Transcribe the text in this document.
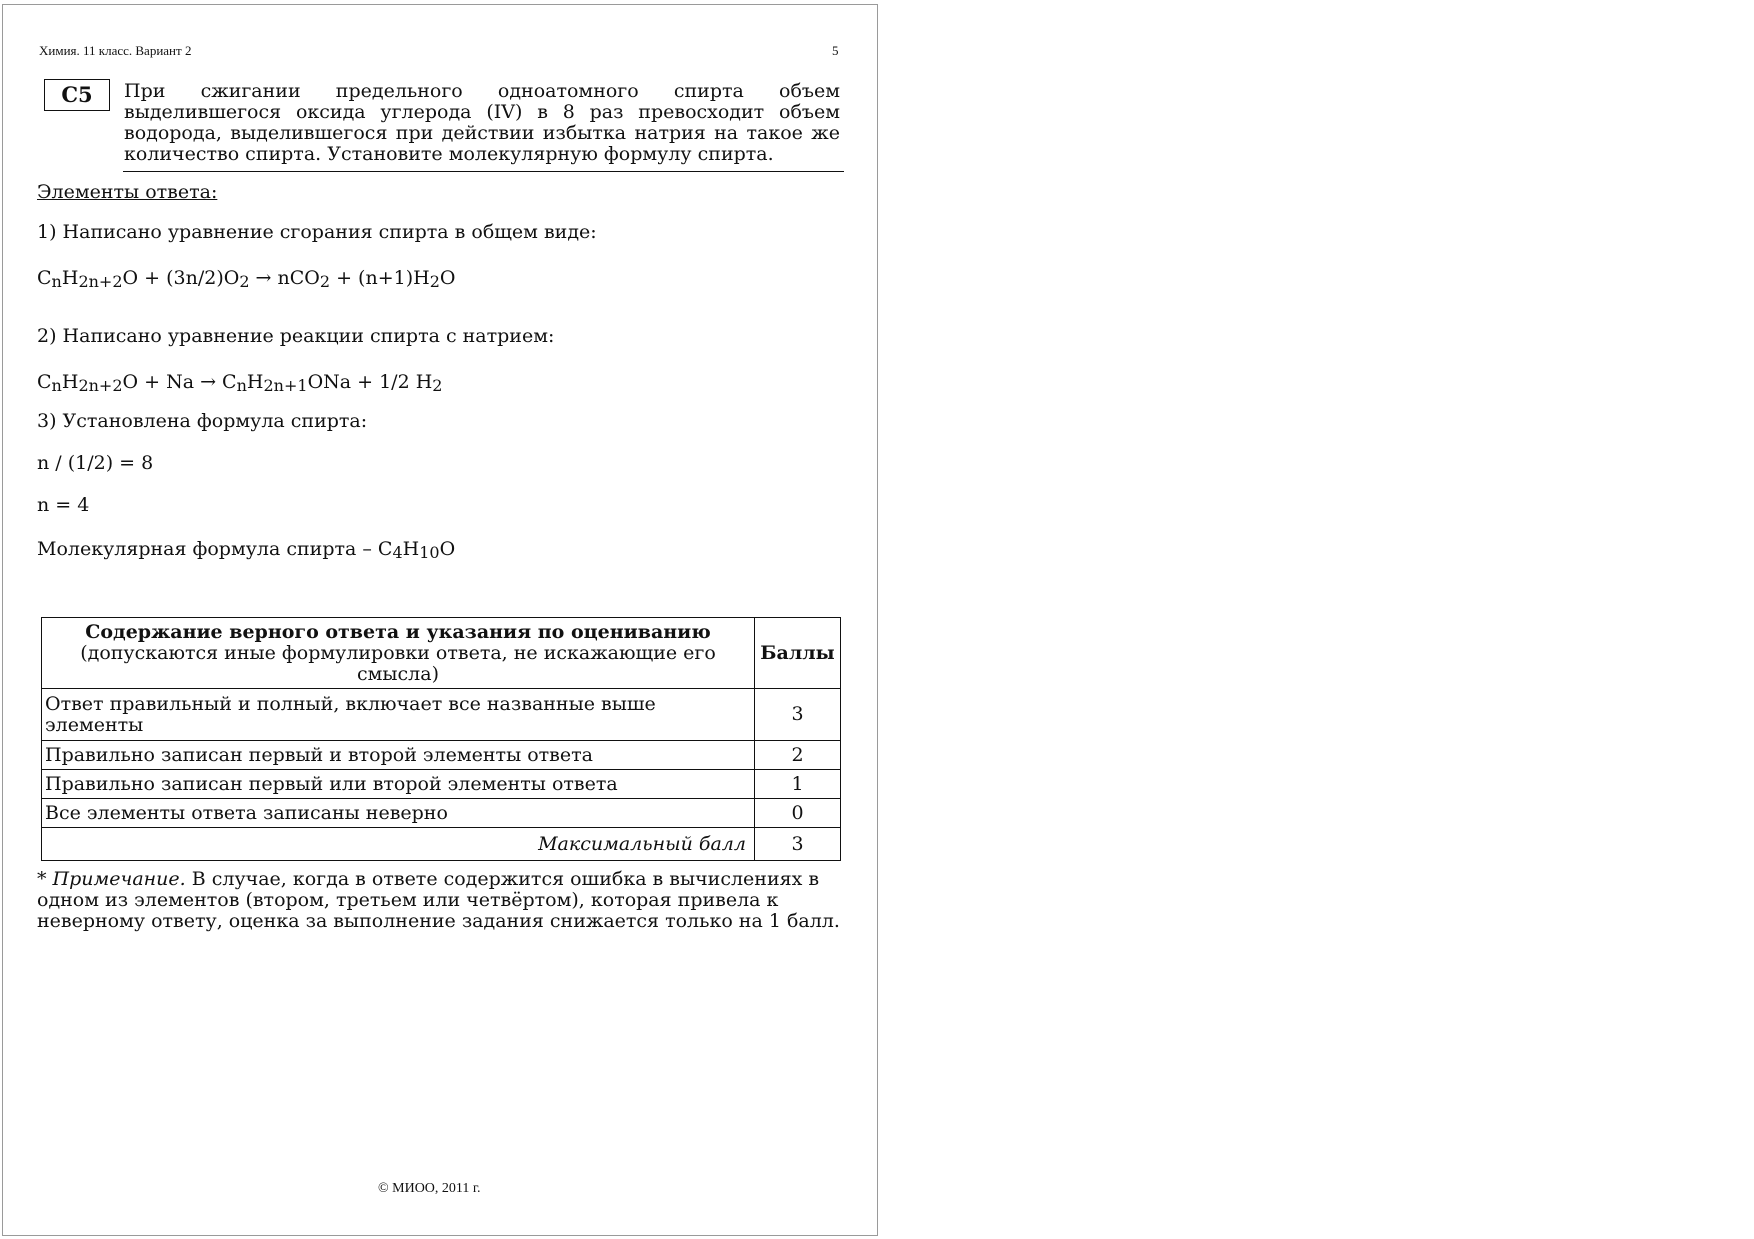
Химия. 11 класс. Вариант 2	5
С5	При сжигании предельного одноатомного спирта объем выделившегося оксида углерода (IV) в 8 раз превосходит объем водорода, выделившегося при действии избытка натрия на такое же количество спирта. Установите молекулярную формулу спирта.
Элементы ответа:
1) Написано уравнение сгорания спирта в общем виде:
$C_nH_{2n+2}O + (3n/2)O_2 \to nCO_2 + (n+1)H_2O$
2) Написано уравнение реакции спирта с натрием:
$C_nH_{2n+2}O + Na \to C_nH_{2n+1}ONa + 1/2$ $H_2$
3) Установлена формула спирта:
n / (1/2) = 8
n = 4
Молекулярная формула спирта – $C_4H_{10}O$
Содержание верного ответа и указания по оцениванию
(допускаются иные формулировки ответа, не искажающие его смысла)	Баллы
Ответ правильный и полный, включает все названные выше элементы	3
Правильно записан первый и второй элементы ответа	2
Правильно записан первый или второй элементы ответа	1
Все элементы ответа записаны неверно	0
Максимальный балл	3
* Примечание. В случае, когда в ответе содержится ошибка в вычислениях в одном из элементов (втором, третьем или четвёртом), которая привела к неверному ответу, оценка за выполнение задания снижается только на 1 балл.
© МИОО, 2011 г.
